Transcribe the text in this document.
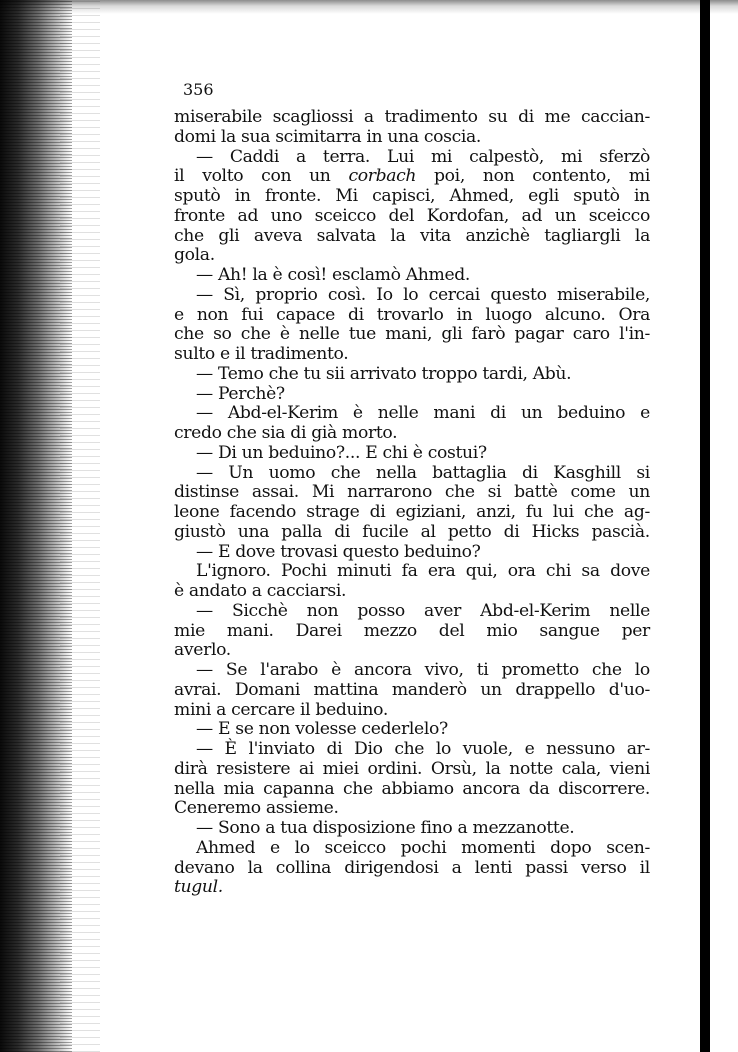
356

miserabile scagliossi a tradimento su di me caccian-
domi la sua scimitarra in una coscia.
— Caddi a terra. Lui mi calpestò, mi sferzò
il volto con un corbach poi, non contento, mi
sputò in fronte. Mi capisci, Ahmed, egli sputò in
fronte ad uno sceicco del Kordofan, ad un sceicco
che gli aveva salvata la vita anzichè tagliargli la
gola.
— Ah! la è così! esclamò Ahmed.
— Sì, proprio così. Io lo cercai questo miserabile,
e non fui capace di trovarlo in luogo alcuno. Ora
che so che è nelle tue mani, gli farò pagar caro l'in-
sulto e il tradimento.
— Temo che tu sii arrivato troppo tardi, Abù.
— Perchè?
— Abd-el-Kerim è nelle mani di un beduino e
credo che sia di già morto.
— Di un beduino?... E chi è costui?
— Un uomo che nella battaglia di Kasghill si
distinse assai. Mi narrarono che si battè come un
leone facendo strage di egiziani, anzi, fu lui che ag-
giustò una palla di fucile al petto di Hicks pascià.
— E dove trovasi questo beduino?
L'ignoro. Pochi minuti fa era qui, ora chi sa dove
è andato a cacciarsi.
— Sicchè non posso aver Abd-el-Kerim nelle
mie mani. Darei mezzo del mio sangue per
averlo.
— Se l'arabo è ancora vivo, ti prometto che lo
avrai. Domani mattina manderò un drappello d'uo-
mini a cercare il beduino.
— E se non volesse cederlelo?
— È l'inviato di Dio che lo vuole, e nessuno ar-
dirà resistere ai miei ordini. Orsù, la notte cala, vieni
nella mia capanna che abbiamo ancora da discorrere.
Ceneremo assieme.
— Sono a tua disposizione fino a mezzanotte.
Ahmed e lo sceicco pochi momenti dopo scen-
devano la collina dirigendosi a lenti passi verso il
tugul.
